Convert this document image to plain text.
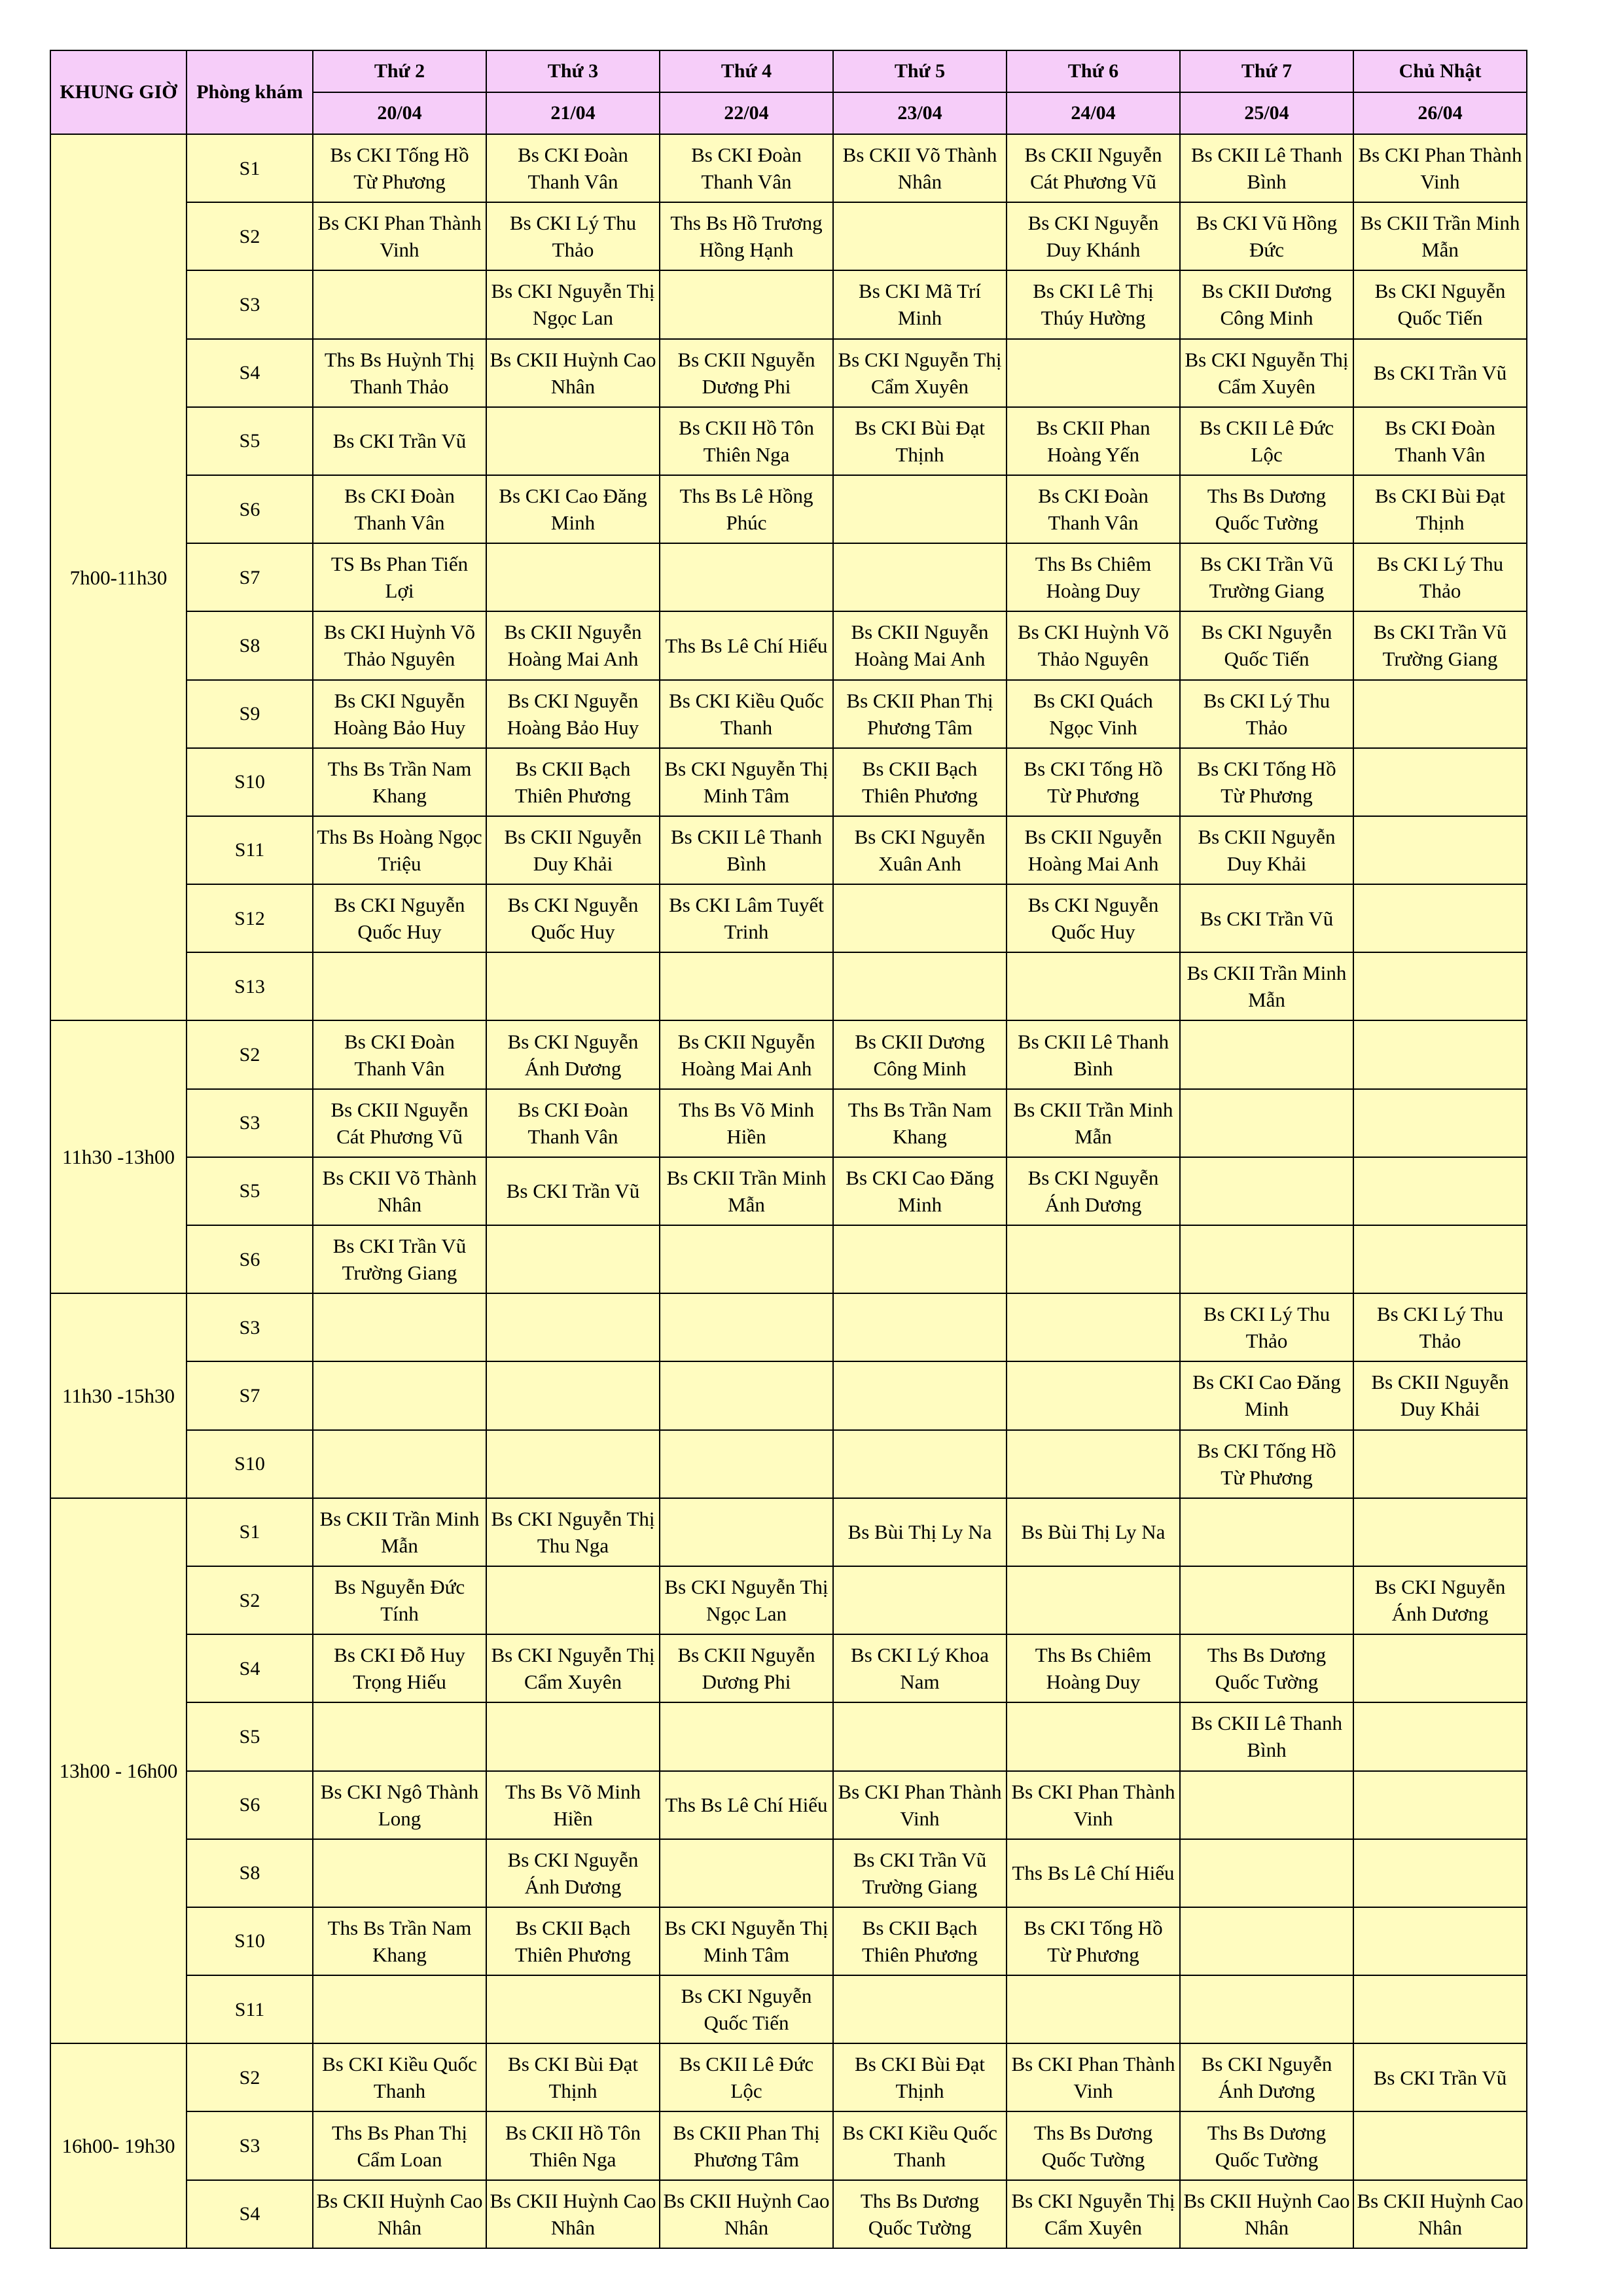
KHUNG GIỜ	Phòng khám	Thứ 2	Thứ 3	Thứ 4	Thứ 5	Thứ 6	Thứ 7	Chủ Nhật
		20/04	21/04	22/04	23/04	24/04	25/04	26/04
7h00-11h30	S1	Bs CKI Tống Hồ Từ Phương	Bs CKI Đoàn Thanh Vân	Bs CKI Đoàn Thanh Vân	Bs CKII Võ Thành Nhân	Bs CKII Nguyễn Cát Phương Vũ	Bs CKII Lê Thanh Bình	Bs CKI Phan Thành Vinh
	S2	Bs CKI Phan Thành Vinh	Bs CKI Lý Thu Thảo	Ths Bs Hồ Trương Hồng Hạnh		Bs CKI Nguyễn Duy Khánh	Bs CKI Vũ Hồng Đức	Bs CKII Trần Minh Mẫn
	S3		Bs CKI Nguyễn Thị Ngọc Lan		Bs CKI Mã Trí Minh	Bs CKI Lê Thị Thúy Hường	Bs CKII Dương Công Minh	Bs CKI Nguyễn Quốc Tiến
	S4	Ths Bs Huỳnh Thị Thanh Thảo	Bs CKII Huỳnh Cao Nhân	Bs CKII Nguyễn Dương Phi	Bs CKI Nguyễn Thị Cẩm Xuyên		Bs CKI Nguyễn Thị Cẩm Xuyên	Bs CKI Trần Vũ
	S5	Bs CKI Trần Vũ		Bs CKII Hồ Tôn Thiên Nga	Bs CKI Bùi Đạt Thịnh	Bs CKII Phan Hoàng Yến	Bs CKII Lê Đức Lộc	Bs CKI Đoàn Thanh Vân
	S6	Bs CKI Đoàn Thanh Vân	Bs CKI Cao Đăng Minh	Ths Bs Lê Hồng Phúc		Bs CKI Đoàn Thanh Vân	Ths Bs Dương Quốc Tường	Bs CKI Bùi Đạt Thịnh
	S7	TS Bs Phan Tiến Lợi				Ths Bs Chiêm Hoàng Duy	Bs CKI Trần Vũ Trường Giang	Bs CKI Lý Thu Thảo
	S8	Bs CKI Huỳnh Võ Thảo Nguyên	Bs CKII Nguyễn Hoàng Mai Anh	Ths Bs Lê Chí Hiếu	Bs CKII Nguyễn Hoàng Mai Anh	Bs CKI Huỳnh Võ Thảo Nguyên	Bs CKI Nguyễn Quốc Tiến	Bs CKI Trần Vũ Trường Giang
	S9	Bs CKI Nguyễn Hoàng Bảo Huy	Bs CKI Nguyễn Hoàng Bảo Huy	Bs CKI Kiều Quốc Thanh	Bs CKII Phan Thị Phương Tâm	Bs CKI Quách Ngọc Vinh	Bs CKI Lý Thu Thảo	
	S10	Ths Bs Trần Nam Khang	Bs CKII Bạch Thiên Phương	Bs CKI Nguyễn Thị Minh Tâm	Bs CKII Bạch Thiên Phương	Bs CKI Tống Hồ Từ Phương	Bs CKI Tống Hồ Từ Phương	
	S11	Ths Bs Hoàng Ngọc Triệu	Bs CKII Nguyễn Duy Khải	Bs CKII Lê Thanh Bình	Bs CKI Nguyễn Xuân Anh	Bs CKII Nguyễn Hoàng Mai Anh	Bs CKII Nguyễn Duy Khải	
	S12	Bs CKI Nguyễn Quốc Huy	Bs CKI Nguyễn Quốc Huy	Bs CKI Lâm Tuyết Trinh		Bs CKI Nguyễn Quốc Huy	Bs CKI Trần Vũ	
	S13						Bs CKII Trần Minh Mẫn	
11h30 -13h00	S2	Bs CKI Đoàn Thanh Vân	Bs CKI Nguyễn Ánh Dương	Bs CKII Nguyễn Hoàng Mai Anh	Bs CKII Dương Công Minh	Bs CKII Lê Thanh Bình		
	S3	Bs CKII Nguyễn Cát Phương Vũ	Bs CKI Đoàn Thanh Vân	Ths Bs Võ Minh Hiền	Ths Bs Trần Nam Khang	Bs CKII Trần Minh Mẫn		
	S5	Bs CKII Võ Thành Nhân	Bs CKI Trần Vũ	Bs CKII Trần Minh Mẫn	Bs CKI Cao Đăng Minh	Bs CKI Nguyễn Ánh Dương		
	S6	Bs CKI Trần Vũ Trường Giang						
11h30 -15h30	S3						Bs CKI Lý Thu Thảo	Bs CKI Lý Thu Thảo
	S7						Bs CKI Cao Đăng Minh	Bs CKII Nguyễn Duy Khải
	S10						Bs CKI Tống Hồ Từ Phương	
13h00 - 16h00	S1	Bs CKII Trần Minh Mẫn	Bs CKI Nguyễn Thị Thu Nga		Bs Bùi Thị Ly Na	Bs Bùi Thị Ly Na		
	S2	Bs Nguyễn Đức Tính		Bs CKI Nguyễn Thị Ngọc Lan				Bs CKI Nguyễn Ánh Dương
	S4	Bs CKI Đỗ Huy Trọng Hiếu	Bs CKI Nguyễn Thị Cẩm Xuyên	Bs CKII Nguyễn Dương Phi	Bs CKI Lý Khoa Nam	Ths Bs Chiêm Hoàng Duy	Ths Bs Dương Quốc Tường	
	S5						Bs CKII Lê Thanh Bình	
	S6	Bs CKI Ngô Thành Long	Ths Bs Võ Minh Hiền	Ths Bs Lê Chí Hiếu	Bs CKI Phan Thành Vinh	Bs CKI Phan Thành Vinh		
	S8		Bs CKI Nguyễn Ánh Dương		Bs CKI Trần Vũ Trường Giang	Ths Bs Lê Chí Hiếu		
	S10	Ths Bs Trần Nam Khang	Bs CKII Bạch Thiên Phương	Bs CKI Nguyễn Thị Minh Tâm	Bs CKII Bạch Thiên Phương	Bs CKI Tống Hồ Từ Phương		
	S11			Bs CKI Nguyễn Quốc Tiến				
16h00- 19h30	S2	Bs CKI Kiều Quốc Thanh	Bs CKI Bùi Đạt Thịnh	Bs CKII Lê Đức Lộc	Bs CKI Bùi Đạt Thịnh	Bs CKI Phan Thành Vinh	Bs CKI Nguyễn Ánh Dương	Bs CKI Trần Vũ
	S3	Ths Bs Phan Thị Cẩm Loan	Bs CKII Hồ Tôn Thiên Nga	Bs CKII Phan Thị Phương Tâm	Bs CKI Kiều Quốc Thanh	Ths Bs Dương Quốc Tường	Ths Bs Dương Quốc Tường	
	S4	Bs CKII Huỳnh Cao Nhân	Bs CKII Huỳnh Cao Nhân	Bs CKII Huỳnh Cao Nhân	Ths Bs Dương Quốc Tường	Bs CKI Nguyễn Thị Cẩm Xuyên	Bs CKII Huỳnh Cao Nhân	Bs CKII Huỳnh Cao Nhân
